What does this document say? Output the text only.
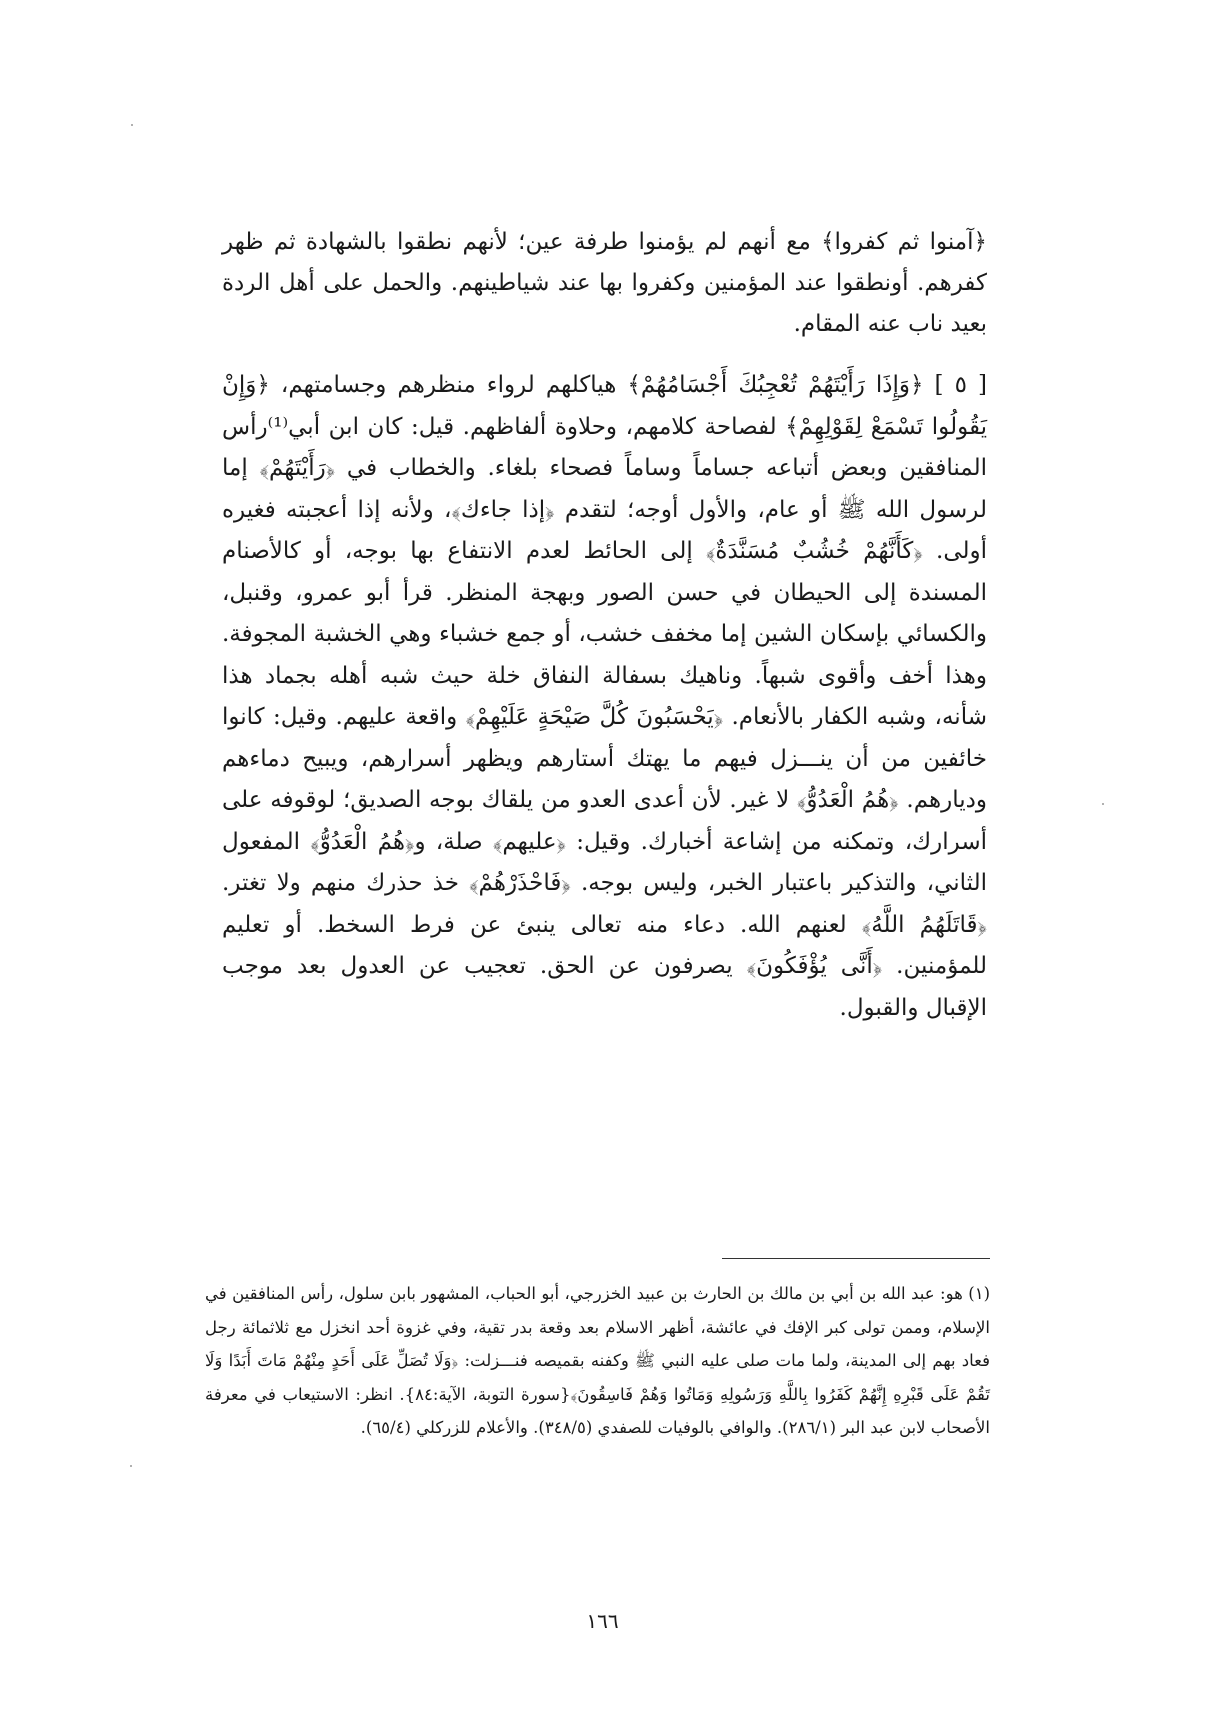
﴿آمنوا ثم كفروا﴾ مع أنهم لم يؤمنوا طرفة عين؛ لأنهم نطقوا بالشهادة ثم ظهر كفرهم. أونطقوا عند المؤمنين وكفروا بها عند شياطينهم. والحمل على أهل الردة بعيد ناب عنه المقام.

[ ٥ ] ﴿وَإِذَا رَأَيْتَهُمْ تُعْجِبُكَ أَجْسَامُهُمْ﴾ هياكلهم لرواء منظرهم وجسامتهم، ﴿وَإِنْ يَقُولُوا تَسْمَعْ لِقَوْلِهِمْ﴾ لفصاحة كلامهم، وحلاوة ألفاظهم. قيل: كان ابن أبي⁽¹⁾رأس المنافقين وبعض أتباعه جساماً وساماً فصحاء بلغاء. والخطاب في ﴿رَأَيْتَهُمْ﴾ إما لرسول الله ﷺ أو عام، والأول أوجه؛ لتقدم ﴿إذا جاءك﴾، ولأنه إذا أعجبته فغيره أولى. ﴿كَأَنَّهُمْ خُشُبٌ مُسَنَّدَةٌ﴾ إلى الحائط لعدم الانتفاع بها بوجه، أو كالأصنام المسندة إلى الحيطان في حسن الصور وبهجة المنظر. قرأ أبو عمرو، وقنبل، والكسائي بإسكان الشين إما مخفف خشب، أو جمع خشباء وهي الخشبة المجوفة. وهذا أخف وأقوى شبهاً. وناهيك بسفالة النفاق خلة حيث شبه أهله بجماد هذا شأنه، وشبه الكفار بالأنعام. ﴿يَحْسَبُونَ كُلَّ صَيْحَةٍ عَلَيْهِمْ﴾ واقعة عليهم. وقيل: كانوا خائفين من أن ينـــزل فيهم ما يهتك أستارهم ويظهر أسرارهم، ويبيح دماءهم وديارهم. ﴿هُمُ الْعَدُوُّ﴾ لا غير. لأن أعدى العدو من يلقاك بوجه الصديق؛ لوقوفه على أسرارك، وتمكنه من إشاعة أخبارك. وقيل: ﴿عليهم﴾ صلة، و﴿هُمُ الْعَدُوُّ﴾ المفعول الثاني، والتذكير باعتبار الخبر، وليس بوجه. ﴿فَاحْذَرْهُمْ﴾ خذ حذرك منهم ولا تغتر. ﴿قَاتَلَهُمُ اللَّهُ﴾ لعنهم الله. دعاء منه تعالى ينبئ عن فرط السخط. أو تعليم للمؤمنين. ﴿أَنَّى يُؤْفَكُونَ﴾ يصرفون عن الحق. تعجيب عن العدول بعد موجب الإقبال والقبول.

(١) هو: عبد الله بن أبي بن مالك بن الحارث بن عبيد الخزرجي، أبو الحباب، المشهور بابن سلول، رأس المنافقين في الإسلام، وممن تولى كبر الإفك في عائشة، أظهر الاسلام بعد وقعة بدر تقية، وفي غزوة أحد انخزل مع ثلاثمائة رجل فعاد بهم إلى المدينة، ولما مات صلى عليه النبي ﷺ وكفنه بقميصه فنـــزلت: ﴿وَلَا تُصَلِّ عَلَى أَحَدٍ مِنْهُمْ مَاتَ أَبَدًا وَلَا تَقُمْ عَلَى قَبْرِهِ إِنَّهُمْ كَفَرُوا بِاللَّهِ وَرَسُولِهِ وَمَاتُوا وَهُمْ فَاسِقُونَ﴾{سورة التوبة، الآية:٨٤}. انظر: الاستيعاب في معرفة الأصحاب لابن عبد البر (٢٨٦/١). والوافي بالوفيات للصفدي (٣٤٨/٥). والأعلام للزركلي (٦٥/٤).

١٦٦
